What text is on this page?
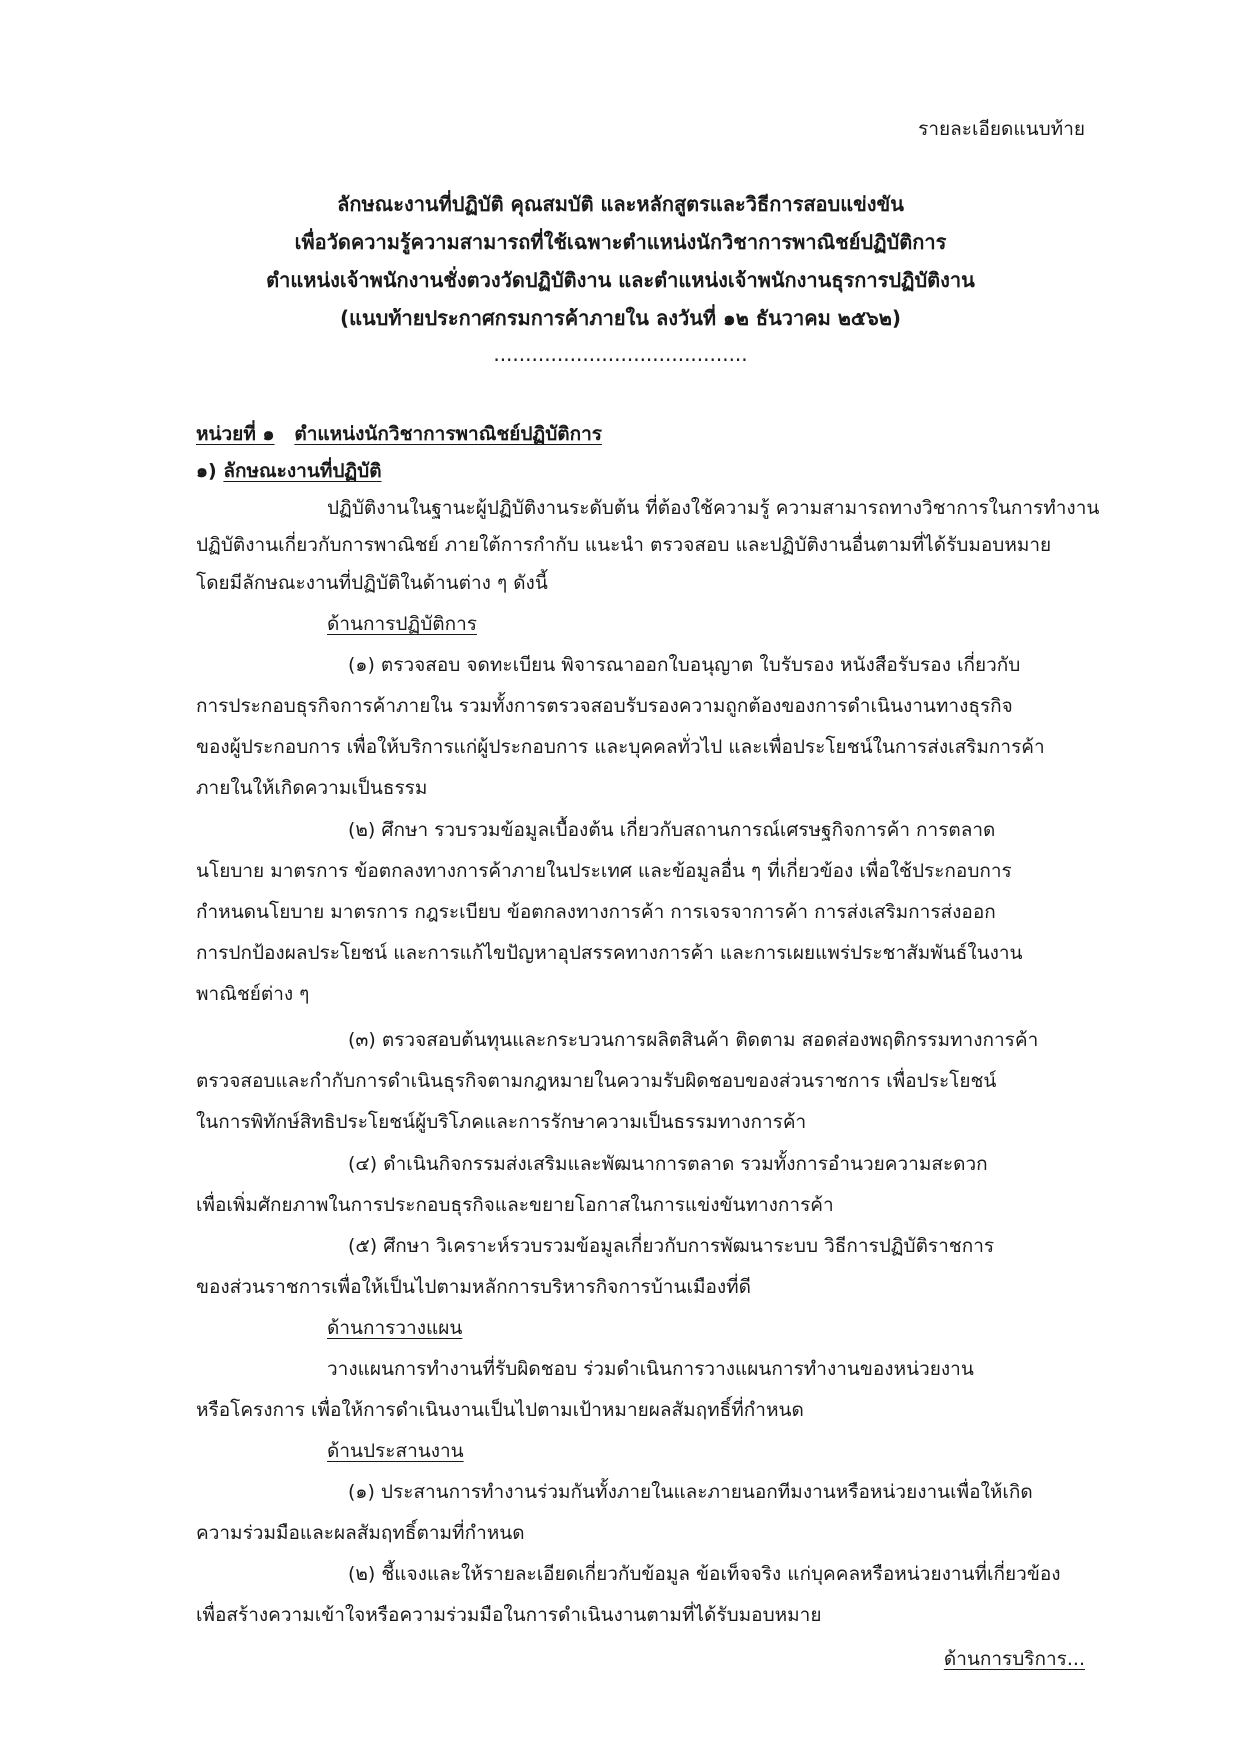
รายละเอียดแนบท้าย
ลักษณะงานที่ปฏิบัติ คุณสมบัติ และหลักสูตรและวิธีการสอบแข่งขัน
เพื่อวัดความรู้ความสามารถที่ใช้เฉพาะตำแหน่งนักวิชาการพาณิชย์ปฏิบัติการ
ตำแหน่งเจ้าพนักงานชั่งตวงวัดปฏิบัติงาน และตำแหน่งเจ้าพนักงานธุรการปฏิบัติงาน
(แนบท้ายประกาศกรมการค้าภายใน ลงวันที่ ๑๒ ธันวาคม ๒๕๖๒)
........................................
หน่วยที่ ๑ ตำแหน่งนักวิชาการพาณิชย์ปฏิบัติการ
๑) ลักษณะงานที่ปฏิบัติ
ปฏิบัติงานในฐานะผู้ปฏิบัติงานระดับต้น ที่ต้องใช้ความรู้ ความสามารถทางวิชาการในการทำงาน
ปฏิบัติงานเกี่ยวกับการพาณิชย์ ภายใต้การกำกับ แนะนำ ตรวจสอบ และปฏิบัติงานอื่นตามที่ได้รับมอบหมาย
โดยมีลักษณะงานที่ปฏิบัติในด้านต่าง ๆ ดังนี้
ด้านการปฏิบัติการ
(๑) ตรวจสอบ จดทะเบียน พิจารณาออกใบอนุญาต ใบรับรอง หนังสือรับรอง เกี่ยวกับ
การประกอบธุรกิจการค้าภายใน รวมทั้งการตรวจสอบรับรองความถูกต้องของการดำเนินงานทางธุรกิจ
ของผู้ประกอบการ เพื่อให้บริการแก่ผู้ประกอบการ และบุคคลทั่วไป และเพื่อประโยชน์ในการส่งเสริมการค้า
ภายในให้เกิดความเป็นธรรม
(๒) ศึกษา รวบรวมข้อมูลเบื้องต้น เกี่ยวกับสถานการณ์เศรษฐกิจการค้า การตลาด
นโยบาย มาตรการ ข้อตกลงทางการค้าภายในประเทศ และข้อมูลอื่น ๆ ที่เกี่ยวข้อง เพื่อใช้ประกอบการ
กำหนดนโยบาย มาตรการ กฎระเบียบ ข้อตกลงทางการค้า การเจรจาการค้า การส่งเสริมการส่งออก
การปกป้องผลประโยชน์ และการแก้ไขปัญหาอุปสรรคทางการค้า และการเผยแพร่ประชาสัมพันธ์ในงาน
พาณิชย์ต่าง ๆ
(๓) ตรวจสอบต้นทุนและกระบวนการผลิตสินค้า ติดตาม สอดส่องพฤติกรรมทางการค้า
ตรวจสอบและกำกับการดำเนินธุรกิจตามกฎหมายในความรับผิดชอบของส่วนราชการ เพื่อประโยชน์
ในการพิทักษ์สิทธิประโยชน์ผู้บริโภคและการรักษาความเป็นธรรมทางการค้า
(๔) ดำเนินกิจกรรมส่งเสริมและพัฒนาการตลาด รวมทั้งการอำนวยความสะดวก
เพื่อเพิ่มศักยภาพในการประกอบธุรกิจและขยายโอกาสในการแข่งขันทางการค้า
(๕) ศึกษา วิเคราะห์รวบรวมข้อมูลเกี่ยวกับการพัฒนาระบบ วิธีการปฏิบัติราชการ
ของส่วนราชการเพื่อให้เป็นไปตามหลักการบริหารกิจการบ้านเมืองที่ดี
ด้านการวางแผน
วางแผนการทำงานที่รับผิดชอบ ร่วมดำเนินการวางแผนการทำงานของหน่วยงาน
หรือโครงการ เพื่อให้การดำเนินงานเป็นไปตามเป้าหมายผลสัมฤทธิ์ที่กำหนด
ด้านประสานงาน
(๑) ประสานการทำงานร่วมกันทั้งภายในและภายนอกทีมงานหรือหน่วยงานเพื่อให้เกิด
ความร่วมมือและผลสัมฤทธิ์ตามที่กำหนด
(๒) ชี้แจงและให้รายละเอียดเกี่ยวกับข้อมูล ข้อเท็จจริง แก่บุคคลหรือหน่วยงานที่เกี่ยวข้อง
เพื่อสร้างความเข้าใจหรือความร่วมมือในการดำเนินงานตามที่ได้รับมอบหมาย
ด้านการบริการ...
